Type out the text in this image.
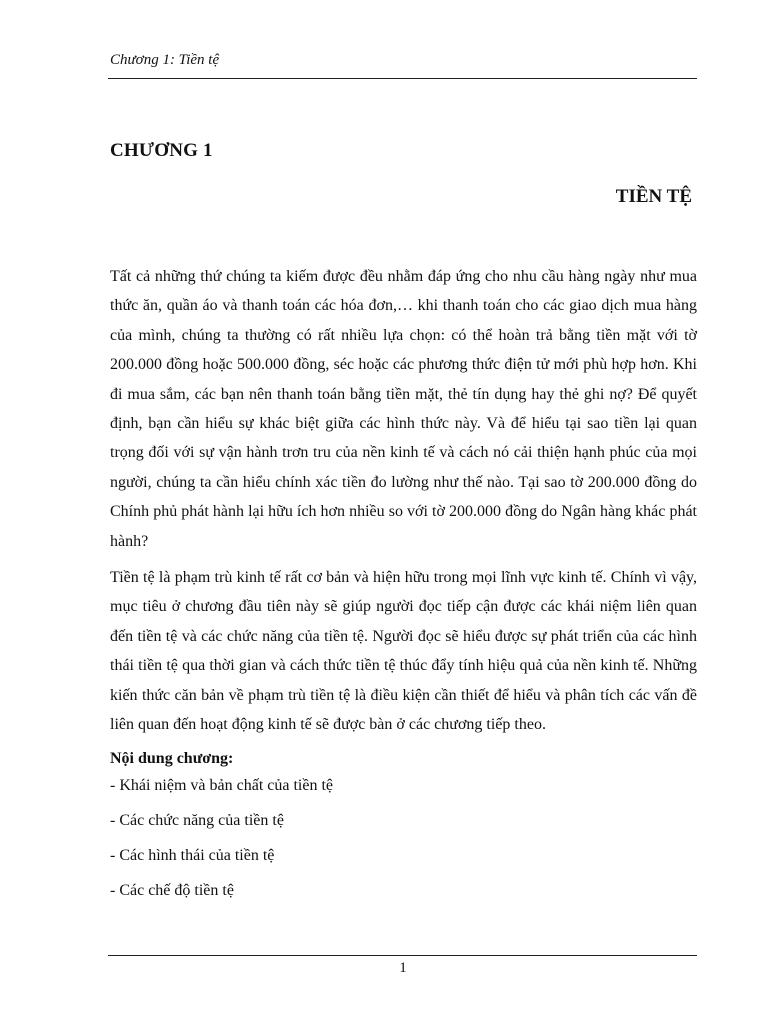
Chương 1: Tiền tệ
CHƯƠNG 1
TIỀN TỆ

Tất cả những thứ chúng ta kiếm được đều nhằm đáp ứng cho nhu cầu hàng ngày như mua thức ăn, quần áo và thanh toán các hóa đơn,… khi thanh toán cho các giao dịch mua hàng của mình, chúng ta thường có rất nhiều lựa chọn: có thể hoàn trả bằng tiền mặt với tờ 200.000 đồng hoặc 500.000 đồng, séc hoặc các phương thức điện tử mới phù hợp hơn. Khi đi mua sắm, các bạn nên thanh toán bằng tiền mặt, thẻ tín dụng hay thẻ ghi nợ? Để quyết định, bạn cần hiểu sự khác biệt giữa các hình thức này. Và để hiểu tại sao tiền lại quan trọng đối với sự vận hành trơn tru của nền kinh tế và cách nó cải thiện hạnh phúc của mọi người, chúng ta cần hiểu chính xác tiền đo lường như thế nào. Tại sao tờ 200.000 đồng do Chính phủ phát hành lại hữu ích hơn nhiều so với tờ 200.000 đồng do Ngân hàng khác phát hành?

Tiền tệ là phạm trù kinh tế rất cơ bản và hiện hữu trong mọi lĩnh vực kinh tế. Chính vì vậy, mục tiêu ở chương đầu tiên này sẽ giúp người đọc tiếp cận được các khái niệm liên quan đến tiền tệ và các chức năng của tiền tệ. Người đọc sẽ hiểu được sự phát triển của các hình thái tiền tệ qua thời gian và cách thức tiền tệ thúc đẩy tính hiệu quả của nền kinh tế. Những kiến thức căn bản về phạm trù tiền tệ là điều kiện cần thiết để hiểu và phân tích các vấn đề liên quan đến hoạt động kinh tế sẽ được bàn ở các chương tiếp theo.

Nội dung chương:
- Khái niệm và bản chất của tiền tệ
- Các chức năng của tiền tệ
- Các hình thái của tiền tệ
- Các chế độ tiền tệ
1
